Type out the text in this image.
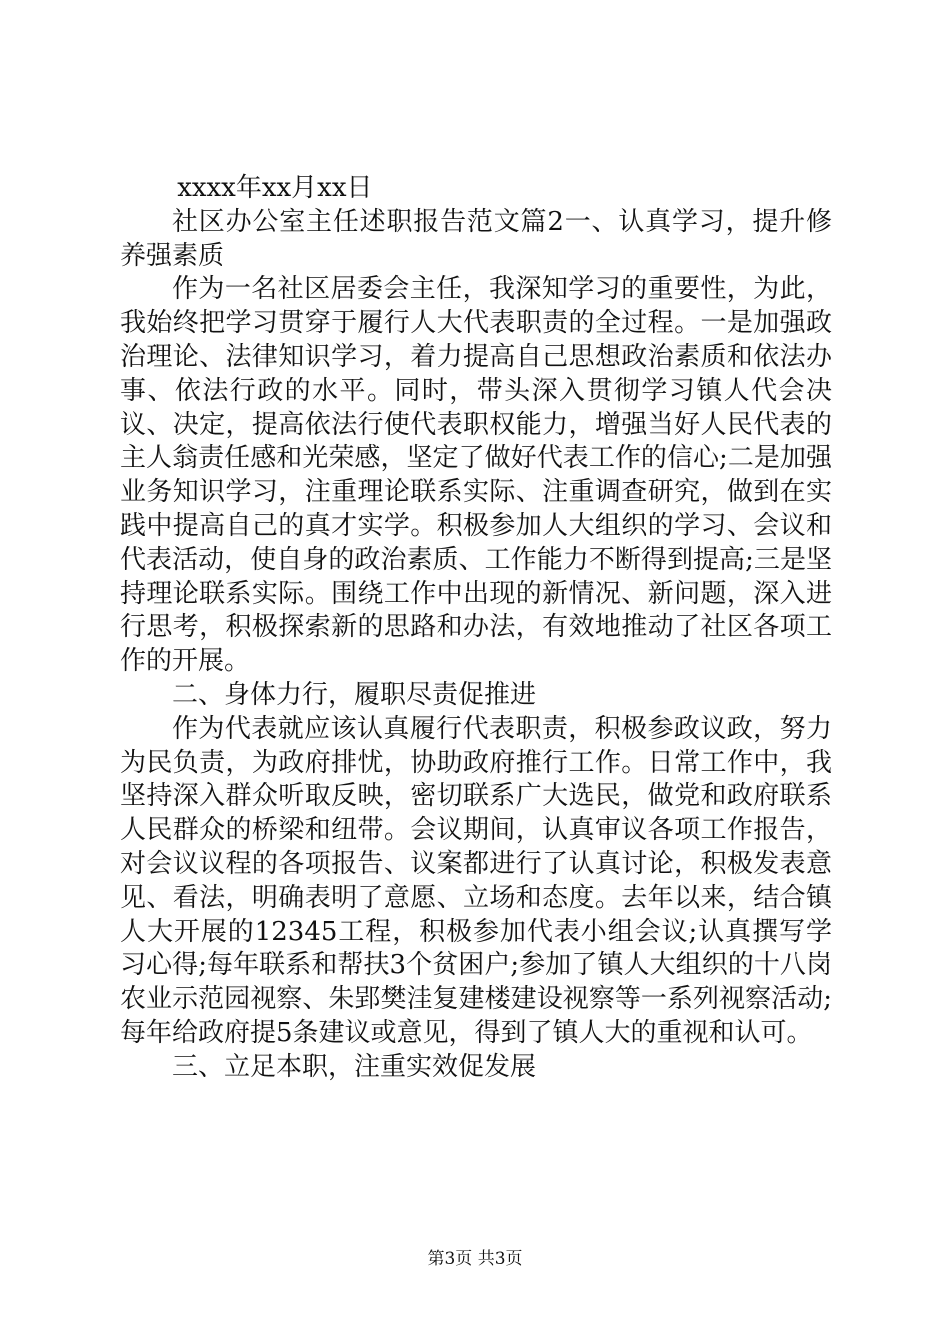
xxxx年xx月xx日

社区办公室主任述职报告范文篇2一、认真学习，提升修养强素质

作为一名社区居委会主任，我深知学习的重要性，为此，我始终把学习贯穿于履行人大代表职责的全过程。一是加强政治理论、法律知识学习，着力提高自己思想政治素质和依法办事、依法行政的水平。同时，带头深入贯彻学习镇人代会决议、决定，提高依法行使代表职权能力，增强当好人民代表的主人翁责任感和光荣感，坚定了做好代表工作的信心;二是加强业务知识学习，注重理论联系实际、注重调查研究，做到在实践中提高自己的真才实学。积极参加人大组织的学习、会议和代表活动，使自身的政治素质、工作能力不断得到提高;三是坚持理论联系实际。围绕工作中出现的新情况、新问题，深入进行思考，积极探索新的思路和办法，有效地推动了社区各项工作的开展。

二、身体力行，履职尽责促推进

作为代表就应该认真履行代表职责，积极参政议政，努力为民负责，为政府排忧，协助政府推行工作。日常工作中，我坚持深入群众听取反映，密切联系广大选民，做党和政府联系人民群众的桥梁和纽带。会议期间，认真审议各项工作报告，对会议议程的各项报告、议案都进行了认真讨论，积极发表意见、看法，明确表明了意愿、立场和态度。去年以来，结合镇人大开展的12345工程，积极参加代表小组会议;认真撰写学习心得;每年联系和帮扶3个贫困户;参加了镇人大组织的十八岗农业示范园视察、朱郢樊洼复建楼建设视察等一系列视察活动;每年给政府提5条建议或意见，得到了镇人大的重视和认可。

三、立足本职，注重实效促发展

第3页 共3页
